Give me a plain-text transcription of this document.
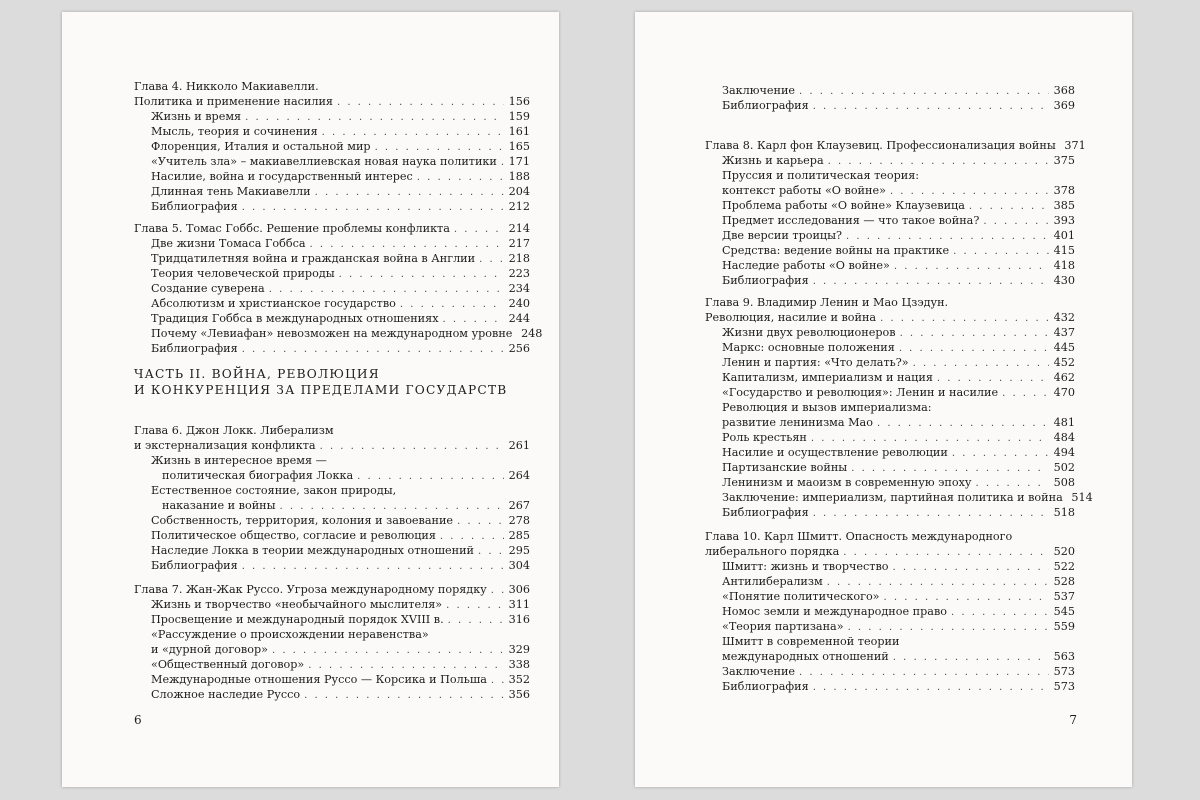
Глава 4. Никколо Макиавелли.
Политика и применение насилия . . .	156
Жизнь и время . . .	159
Мысль, теория и сочинения . . .	161
Флоренция, Италия и остальной мир . . .	165
«Учитель зла» – макиавеллиевская новая наука политики . . . 171
Насилие, война и государственный интерес . . .	188
Длинная тень Макиавелли . . .	204
Библиография . . .	212
Глава 5. Томас Гоббс. Решение проблемы конфликта . . .	214
Две жизни Томаса Гоббса . . .	217
Тридцатилетняя война и гражданская война в Англии . . .	218
Теория человеческой природы . . .	223
Создание суверена . . .	234
Абсолютизм и христианское государство . . .	240
Традиция Гоббса в международных отношениях . . .	244
Почему «Левиафан» невозможен на международном уровне 248
Библиография . . .	256
ЧАСТЬ II. ВОЙНА, РЕВОЛЮЦИЯ
И КОНКУРЕНЦИЯ ЗА ПРЕДЕЛАМИ ГОСУДАРСТВ
Глава 6. Джон Локк. Либерализм
и экстернализация конфликта . . .	261
Жизнь в интересное время —
политическая биография Локка . . .	264
Естественное состояние, закон природы,
наказание и войны . . .	267
Собственность, территория, колония и завоевание . . .	278
Политическое общество, согласие и революция . . .	285
Наследие Локка в теории международных отношений . . .	295
Библиография . . .	304
Глава 7. Жан-Жак Руссо. Угроза международному порядку . . . 306
Жизнь и творчество «необычайного мыслителя» . . .	311
Просвещение и международный порядок XVIII в. . . .	316
«Рассуждение о происхождении неравенства»
и «дурной договор» . . .	329
«Общественный договор» . . .	338
Международные отношения Руссо — Корсика и Польша . . . 352
Сложное наследие Руссо . . .	356
6
Заключение . . .	368
Библиография . . .	369
Глава 8. Карл фон Клаузевиц. Профессионализация войны 371
Жизнь и карьера . . .	375
Пруссия и политическая теория:
контекст работы «О войне» . . .	378
Проблема работы «О войне» Клаузевица . . .	385
Предмет исследования — что такое война? . . .	393
Две версии троицы? . . .	401
Средства: ведение войны на практике . . .	415
Наследие работы «О войне» . . .	418
Библиография . . .	430
Глава 9. Владимир Ленин и Мао Цзэдун.
Революция, насилие и война . . .	432
Жизни двух революционеров . . .	437
Маркс: основные положения . . .	445
Ленин и партия: «Что делать?» . . .	452
Капитализм, империализм и нация . . .	462
«Государство и революция»: Ленин и насилие . . .	470
Революция и вызов империализма:
развитие ленинизма Мао . . .	481
Роль крестьян . . .	484
Насилие и осуществление революции . . .	494
Партизанские войны . . .	502
Ленинизм и маоизм в современную эпоху . . .	508
Заключение: империализм, партийная политика и война 514
Библиография . . .	518
Глава 10. Карл Шмитт. Опасность международного
либерального порядка . . .	520
Шмитт: жизнь и творчество . . .	522
Антилиберализм . . .	528
«Понятие политического» . . .	537
Номос земли и международное право . . .	545
«Теория партизана» . . .	559
Шмитт в современной теории
международных отношений . . .	563
Заключение . . .	573
Библиография . . .	573
7
